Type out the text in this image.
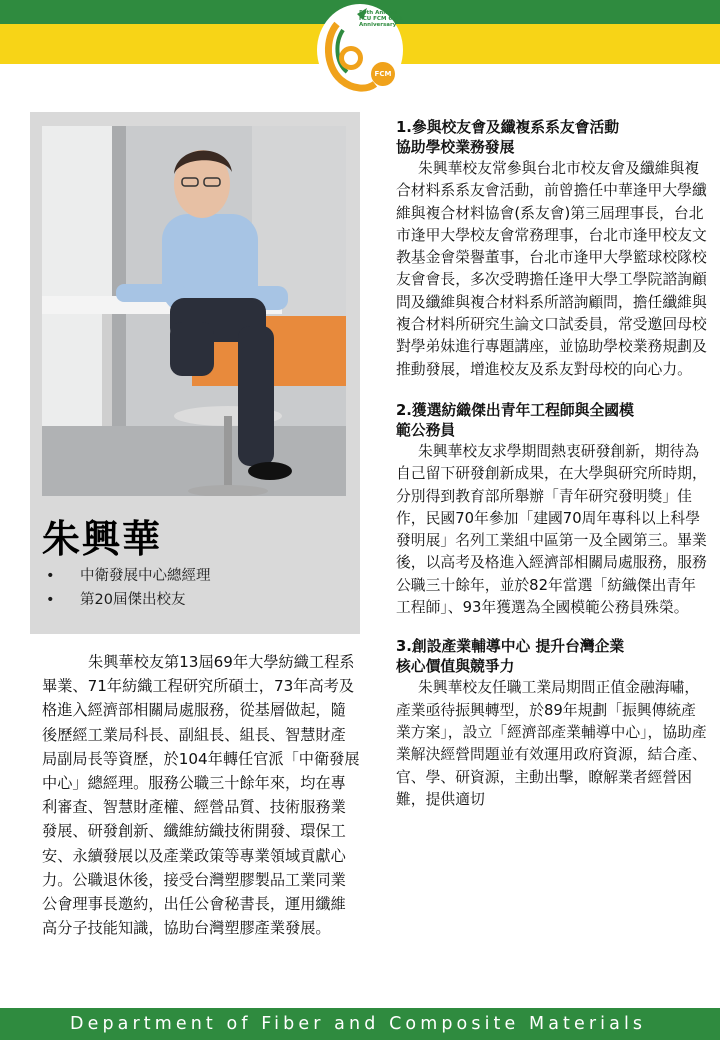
59th Annual
FCU FCM 60th
Anniversary
FCM
朱興華
• 中衛發展中心總經理
• 第20屆傑出校友
朱興華校友第13屆69年大學紡織工程系畢業、71年紡織工程研究所碩士，73年高考及格進入經濟部相關局處服務，從基層做起，隨後歷經工業局科長、副組長、組長、智慧財產局副局長等資歷，於104年轉任官派「中衛發展中心」總經理。服務公職三十餘年來，均在專利審查、智慧財產權、經營品質、技術服務業發展、研發創新、纖維紡織技術開發、環保工安、永續發展以及產業政策等專業領域貢獻心力。公職退休後，接受台灣塑膠製品工業同業公會理事長邀約，出任公會秘書長，運用纖維高分子技能知識，協助台灣塑膠產業發展。
1.參與校友會及纖複系系友會活動
協助學校業務發展
朱興華校友常參與台北市校友會及纖維與複合材料系系友會活動，前曾擔任中華逢甲大學纖維與複合材料協會(系友會)第三屆理事長，台北市逢甲大學校友會常務理事，台北市逢甲校友文教基金會榮譽董事，台北市逢甲大學籃球校隊校友會會長，多次受聘擔任逢甲大學工學院諮詢顧問及纖維與複合材料系所諮詢顧問，擔任纖維與複合材料所研究生論文口試委員，常受邀回母校對學弟妹進行專題講座，並協助學校業務規劃及推動發展，增進校友及系友對母校的向心力。
2.獲選紡織傑出青年工程師與全國模
範公務員
朱興華校友求學期間熱衷研發創新，期待為自己留下研發創新成果，在大學與研究所時期，分別得到教育部所舉辦「青年研究發明獎」佳作，民國70年參加「建國70周年專科以上科學發明展」名列工業組中區第一及全國第三。畢業後，以高考及格進入經濟部相關局處服務，服務公職三十餘年，並於82年當選「紡織傑出青年工程師」、93年獲選為全國模範公務員殊榮。
3.創設產業輔導中心 提升台灣企業
核心價值與競爭力
朱興華校友任職工業局期間正值金融海嘯，產業亟待振興轉型，於89年規劃「振興傳統產業方案」，設立「經濟部產業輔導中心」，協助產業解決經營問題並有效運用政府資源，結合產、官、學、研資源，主動出擊，瞭解業者經營困難，提供適切
Department of Fiber and Composite Materials
